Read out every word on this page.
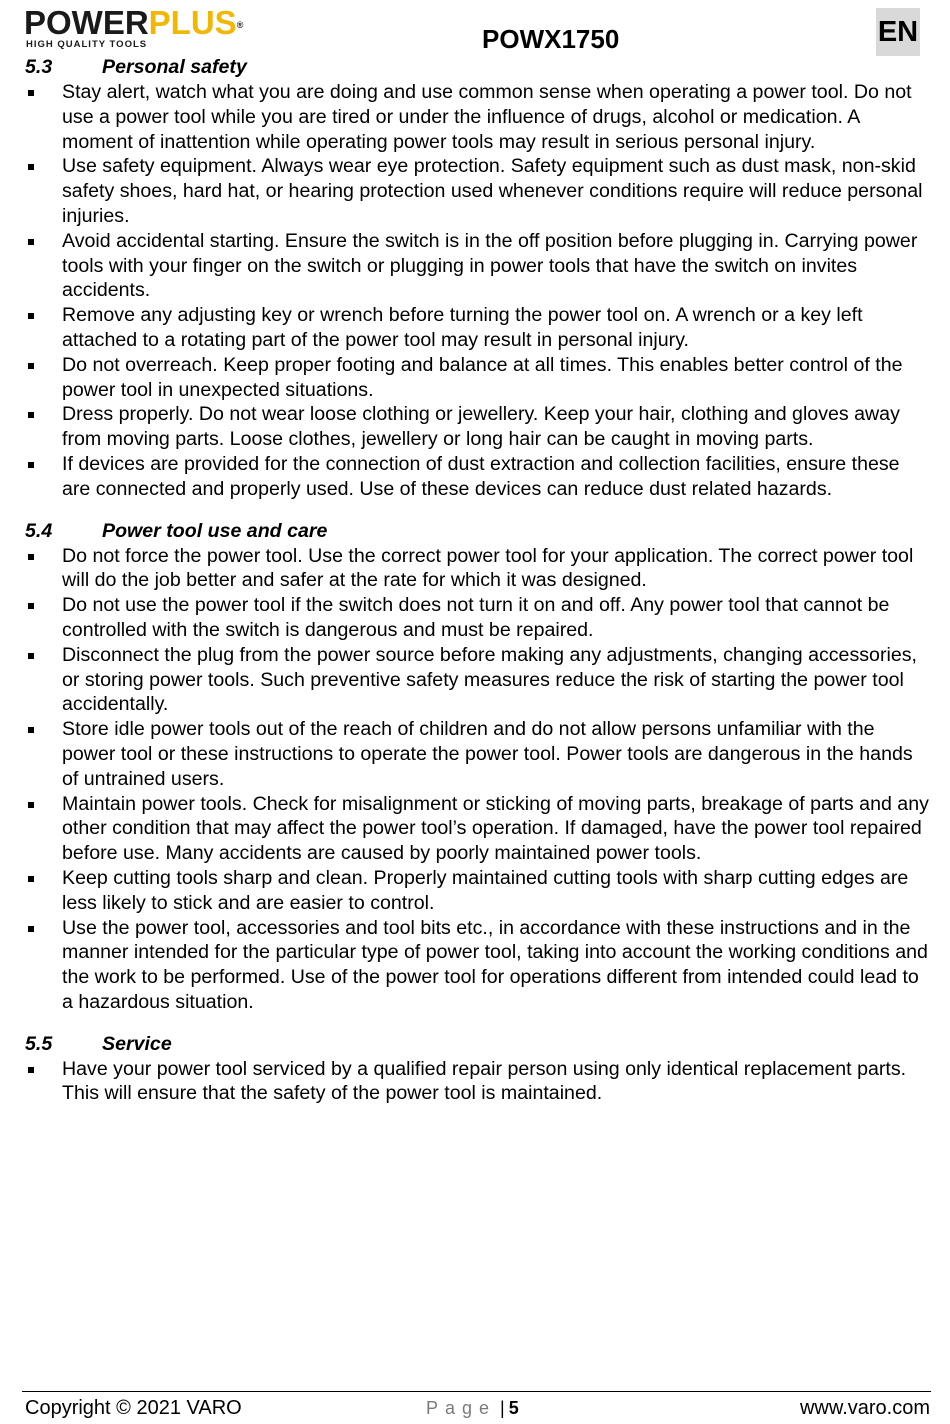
POWERPLUS®
HIGH QUALITY TOOLS	POWX1750	EN
5.3	Personal safety
Stay alert, watch what you are doing and use common sense when operating a power tool. Do not use a power tool while you are tired or under the influence of drugs, alcohol or medication. A moment of inattention while operating power tools may result in serious personal injury.
Use safety equipment. Always wear eye protection. Safety equipment such as dust mask, non-skid safety shoes, hard hat, or hearing protection used whenever conditions require will reduce personal injuries.
Avoid accidental starting. Ensure the switch is in the off position before plugging in. Carrying power tools with your finger on the switch or plugging in power tools that have the switch on invites accidents.
Remove any adjusting key or wrench before turning the power tool on. A wrench or a key left attached to a rotating part of the power tool may result in personal injury.
Do not overreach. Keep proper footing and balance at all times. This enables better control of the power tool in unexpected situations.
Dress properly. Do not wear loose clothing or jewellery. Keep your hair, clothing and gloves away from moving parts. Loose clothes, jewellery or long hair can be caught in moving parts.
If devices are provided for the connection of dust extraction and collection facilities, ensure these are connected and properly used. Use of these devices can reduce dust related hazards.
5.4	Power tool use and care
Do not force the power tool. Use the correct power tool for your application. The correct power tool will do the job better and safer at the rate for which it was designed.
Do not use the power tool if the switch does not turn it on and off. Any power tool that cannot be controlled with the switch is dangerous and must be repaired.
Disconnect the plug from the power source before making any adjustments, changing accessories, or storing power tools. Such preventive safety measures reduce the risk of starting the power tool accidentally.
Store idle power tools out of the reach of children and do not allow persons unfamiliar with the power tool or these instructions to operate the power tool. Power tools are dangerous in the hands of untrained users.
Maintain power tools. Check for misalignment or sticking of moving parts, breakage of parts and any other condition that may affect the power tool’s operation. If damaged, have the power tool repaired before use. Many accidents are caused by poorly maintained power tools.
Keep cutting tools sharp and clean. Properly maintained cutting tools with sharp cutting edges are less likely to stick and are easier to control.
Use the power tool, accessories and tool bits etc., in accordance with these instructions and in the manner intended for the particular type of power tool, taking into account the working conditions and the work to be performed. Use of the power tool for operations different from intended could lead to a hazardous situation.
5.5	Service
Have your power tool serviced by a qualified repair person using only identical replacement parts. This will ensure that the safety of the power tool is maintained.
Copyright © 2021 VARO	Page | 5	www.varo.com
